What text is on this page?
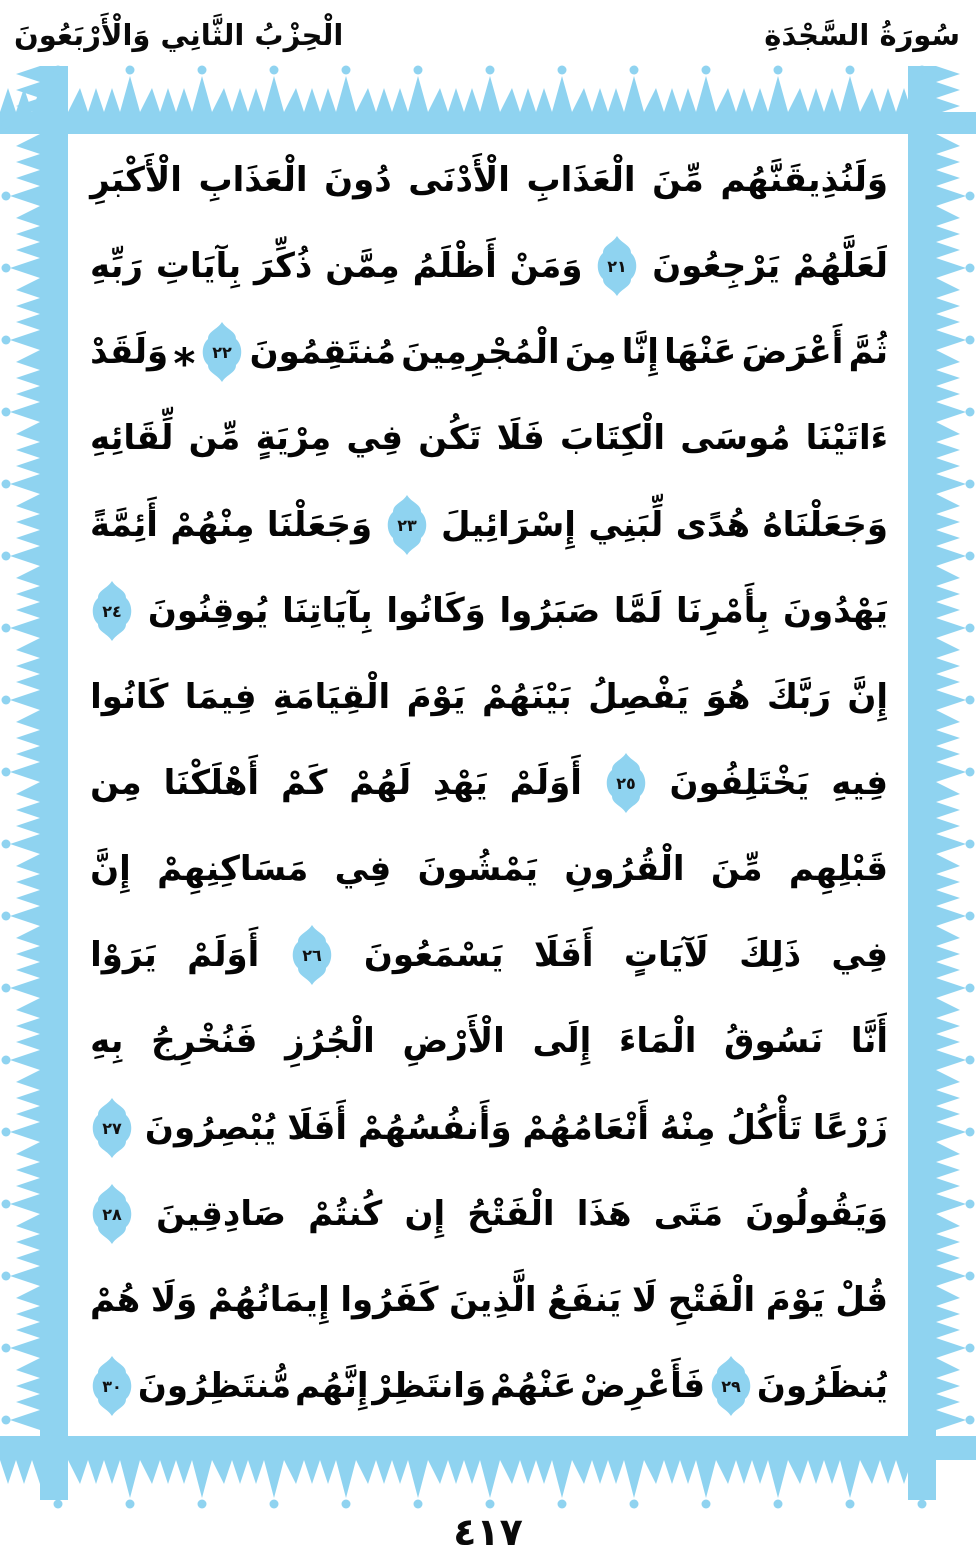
سُورَةُ السَّجْدَةِ
الْحِزْبُ الثَّانِي وَالْأَرْبَعُونَ
وَلَنُذِيقَنَّهُم
مِّنَ
الْعَذَابِ
الْأَدْنَى
دُونَ
الْعَذَابِ
الْأَكْبَرِ
لَعَلَّهُمْ
يَرْجِعُونَ
٢١
وَمَنْ
أَظْلَمُ
مِمَّن
ذُكِّرَ
بِآيَاتِ
رَبِّهِ
ثُمَّ
أَعْرَضَ
عَنْهَا
إِنَّا
مِنَ
الْمُجْرِمِينَ
مُنتَقِمُونَ
٢٢
*
وَلَقَدْ
ءَاتَيْنَا
مُوسَى
الْكِتَابَ
فَلَا
تَكُن
فِي
مِرْيَةٍ
مِّن
لِّقَائِهِ
وَجَعَلْنَاهُ
هُدًى
لِّبَنِي
إِسْرَائِيلَ
٢٣
وَجَعَلْنَا
مِنْهُمْ
أَئِمَّةً
يَهْدُونَ
بِأَمْرِنَا
لَمَّا
صَبَرُوا
وَكَانُوا
بِآيَاتِنَا
يُوقِنُونَ
٢٤
إِنَّ
رَبَّكَ
هُوَ
يَفْصِلُ
بَيْنَهُمْ
يَوْمَ
الْقِيَامَةِ
فِيمَا
كَانُوا
فِيهِ
يَخْتَلِفُونَ
٢٥
أَوَلَمْ
يَهْدِ
لَهُمْ
كَمْ
أَهْلَكْنَا
مِن
قَبْلِهِم
مِّنَ
الْقُرُونِ
يَمْشُونَ
فِي
مَسَاكِنِهِمْ
إِنَّ
فِي
ذَلِكَ
لَآيَاتٍ
أَفَلَا
يَسْمَعُونَ
٢٦
أَوَلَمْ
يَرَوْا
أَنَّا
نَسُوقُ
الْمَاءَ
إِلَى
الْأَرْضِ
الْجُرُزِ
فَنُخْرِجُ
بِهِ
زَرْعًا
تَأْكُلُ
مِنْهُ
أَنْعَامُهُمْ
وَأَنفُسُهُمْ
أَفَلَا
يُبْصِرُونَ
٢٧
وَيَقُولُونَ
مَتَى
هَذَا
الْفَتْحُ
إِن
كُنتُمْ
صَادِقِينَ
٢٨
قُلْ
يَوْمَ
الْفَتْحِ
لَا
يَنفَعُ
الَّذِينَ
كَفَرُوا
إِيمَانُهُمْ
وَلَا
هُمْ
يُنظَرُونَ
٢٩
فَأَعْرِضْ
عَنْهُمْ
وَانتَظِرْ
إِنَّهُم
مُّنتَظِرُونَ
٣٠
٤١٧
